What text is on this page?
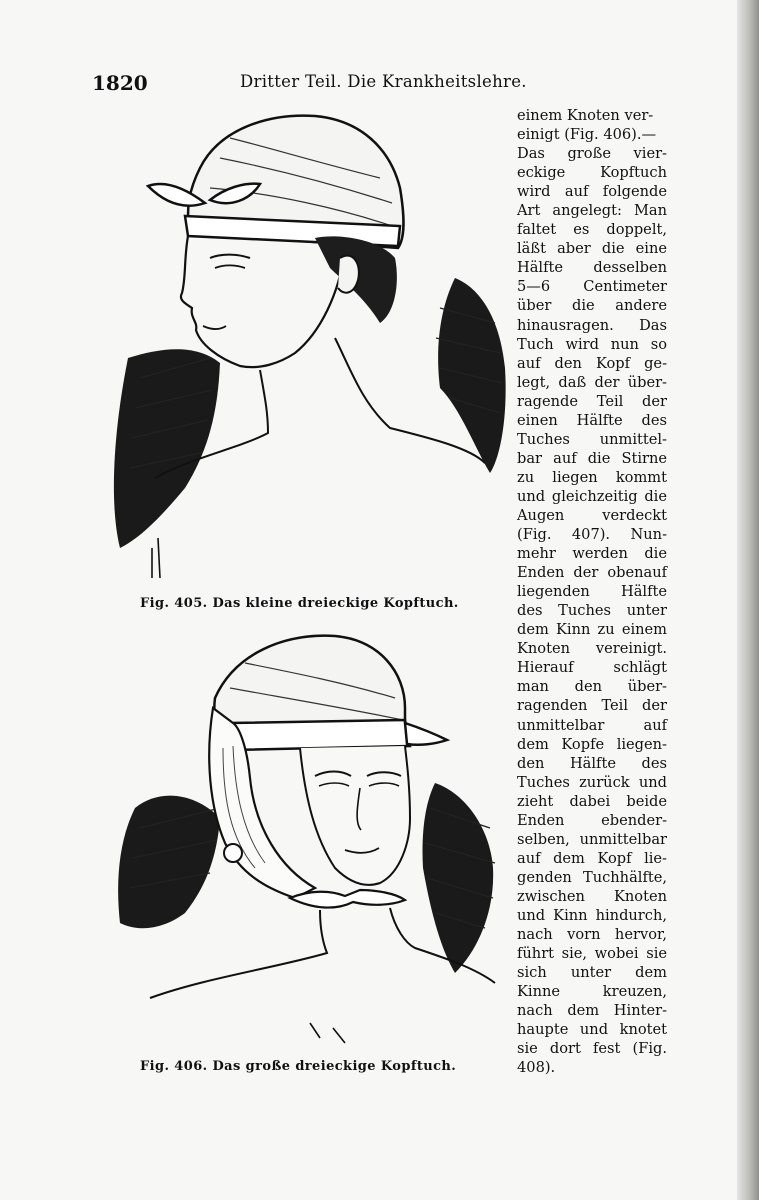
1820	Dritter Teil. Die Krankheitslehre.
Fig. 405. Das kleine dreieckige Kopftuch.
Fig. 406. Das große dreieckige Kopftuch.
einem Knoten ver-
einigt (Fig. 406).—
Das große vier-
eckige Kopftuch
wird auf folgende
Art angelegt: Man
faltet es doppelt,
läßt aber die eine
Hälfte desselben
5—6 Centimeter
über die andere
hinausragen. Das
Tuch wird nun so
auf den Kopf ge-
legt, daß der über-
ragende Teil der
einen Hälfte des
Tuches unmittel-
bar auf die Stirne
zu liegen kommt
und gleichzeitig die
Augen verdeckt
(Fig. 407). Nun-
mehr werden die
Enden der obenauf
liegenden Hälfte
des Tuches unter
dem Kinn zu einem
Knoten vereinigt.
Hierauf schlägt
man den über-
ragenden Teil der
unmittelbar auf
dem Kopfe liegen-
den Hälfte des
Tuches zurück und
zieht dabei beide
Enden ebender-
selben, unmittelbar
auf dem Kopf lie-
genden Tuchhälfte,
zwischen Knoten
und Kinn hindurch,
nach vorn hervor,
führt sie, wobei sie
sich unter dem
Kinne kreuzen,
nach dem Hinter-
haupte und knotet
sie dort fest (Fig.
408).
